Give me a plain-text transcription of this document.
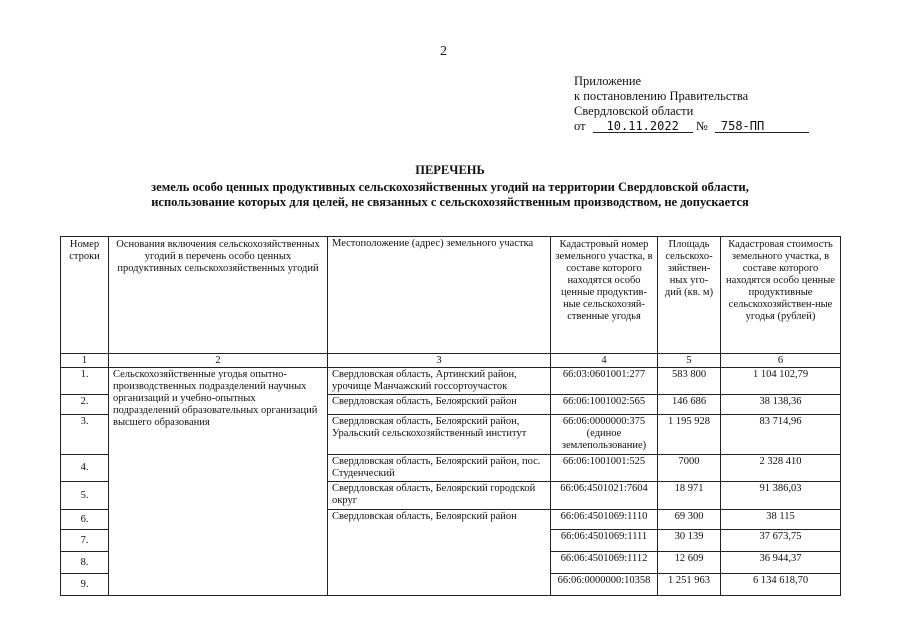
2
Приложение
к постановлению Правительства
Свердловской области
от 10.11.2022 № 758-ПП
ПЕРЕЧЕНЬ
земель особо ценных продуктивных сельскохозяйственных угодий на территории Свердловской области,
использование которых для целей, не связанных с сельскохозяйственным производством, не допускается
Номер строки	Основания включения сельскохозяйственных угодий в перечень особо ценных продуктивных сельскохозяйственных угодий	Местоположение (адрес) земельного участка	Кадастровый номер земельного участка, в составе которого находятся особо ценные продуктив-ные сельскохозяй-ственные угодья	Площадь сельскохо-зяйствен-ных уго-дий (кв. м)	Кадастровая стоимость земельного участка, в составе которого находятся особо ценные продуктивные сельскохозяйствен-ные угодья (рублей)
1	2	3	4	5	6
1.	Сельскохозяйственные угодья опытно-производственных подразделений научных организаций и учебно-опытных подразделений образовательных организаций высшего образования	Свердловская область, Артинский район, урочище Манчажский госсортоучасток	66:03:0601001:277	583 800	1 104 102,79
2.		Свердловская область, Белоярский район	66:06:1001002:565	146 686	38 138,36
3.		Свердловская область, Белоярский район, Уральский сельскохозяйственный институт	66:06:0000000:375 (единое землепользование)	1 195 928	83 714,96
4.		Свердловская область, Белоярский район, пос. Студенческий	66:06:1001001:525	7000	2 328 410
5.		Свердловская область, Белоярский городской округ	66:06:4501021:7604	18 971	91 386,03
6.		Свердловская область, Белоярский район	66:06:4501069:1110	69 300	38 115
7.			66:06:4501069:1111	30 139	37 673,75
8.			66:06:4501069:1112	12 609	36 944,37
9.			66:06:0000000:10358	1 251 963	6 134 618,70
